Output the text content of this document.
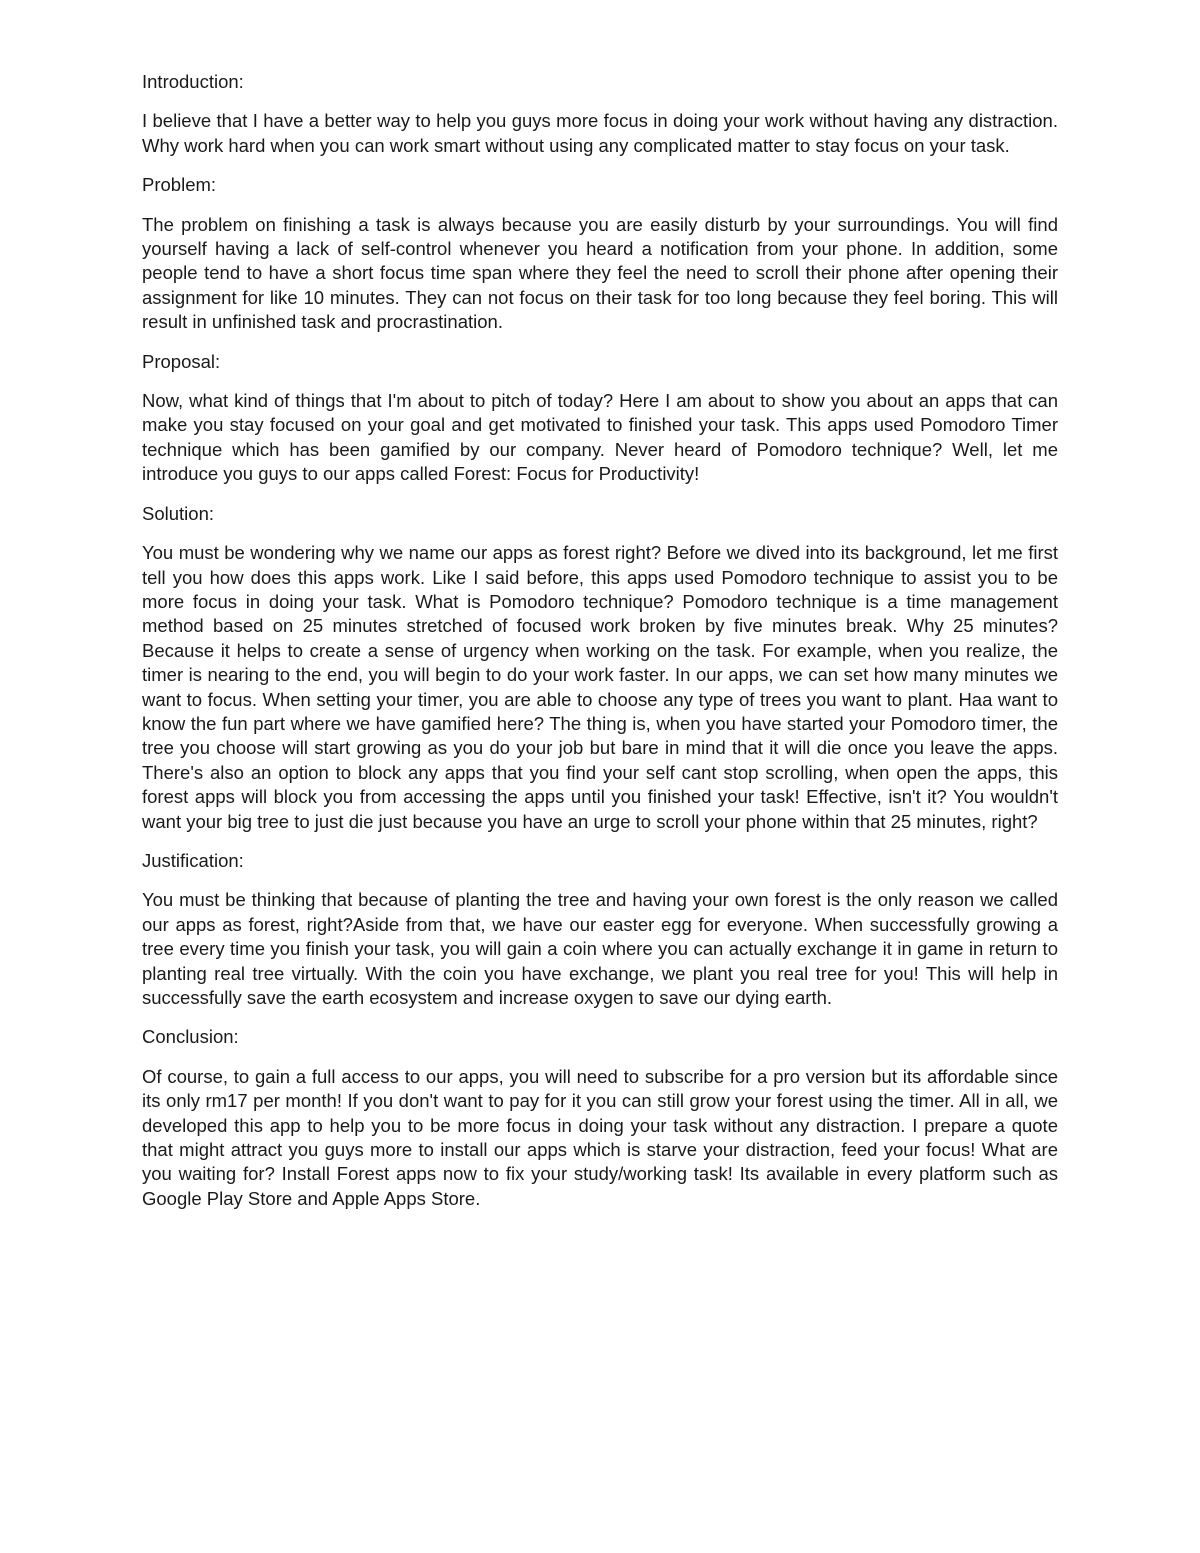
Introduction:

I believe that I have a better way to help you guys more focus in doing your work without having any distraction. Why work hard when you can work smart without using any complicated matter to stay focus on your task.

Problem:

The problem on finishing a task is always because you are easily disturb by your surroundings. You will find yourself having a lack of self-control whenever you heard a notification from your phone. In addition, some people tend to have a short focus time span where they feel the need to scroll their phone after opening their assignment for like 10 minutes. They can not focus on their task for too long because they feel boring. This will result in unfinished task and procrastination.

Proposal:

Now, what kind of things that I'm about to pitch of today? Here I am about to show you about an apps that can make you stay focused on your goal and get motivated to finished your task. This apps used Pomodoro Timer technique which has been gamified by our company. Never heard of Pomodoro technique? Well, let me introduce you guys to our apps called Forest: Focus for Productivity!

Solution:

You must be wondering why we name our apps as forest right? Before we dived into its background, let me first tell you how does this apps work. Like I said before, this apps used Pomodoro technique to assist you to be more focus in doing your task. What is Pomodoro technique? Pomodoro technique is a time management method based on 25 minutes stretched of focused work broken by five minutes break. Why 25 minutes? Because it helps to create a sense of urgency when working on the task. For example, when you realize, the timer is nearing to the end, you will begin to do your work faster. In our apps, we can set how many minutes we want to focus. When setting your timer, you are able to choose any type of trees you want to plant. Haa want to know the fun part where we have gamified here? The thing is, when you have started your Pomodoro timer, the tree you choose will start growing as you do your job but bare in mind that it will die once you leave the apps. There's also an option to block any apps that you find your self cant stop scrolling, when open the apps, this forest apps will block you from accessing the apps until you finished your task! Effective, isn't it? You wouldn't want your big tree to just die just because you have an urge to scroll your phone within that 25 minutes, right?

Justification:

You must be thinking that because of planting the tree and having your own forest is the only reason we called our apps as forest, right?Aside from that, we have our easter egg for everyone. When successfully growing a tree every time you finish your task, you will gain a coin where you can actually exchange it in game in return to planting real tree virtually. With the coin you have exchange, we plant you real tree for you! This will help in successfully save the earth ecosystem and increase oxygen to save our dying earth.

Conclusion:

Of course, to gain a full access to our apps, you will need to subscribe for a pro version but its affordable since its only rm17 per month! If you don't want to pay for it you can still grow your forest using the timer. All in all, we developed this app to help you to be more focus in doing your task without any distraction. I prepare a quote that might attract you guys more to install our apps which is starve your distraction, feed your focus! What are you waiting for? Install Forest apps now to fix your study/working task! Its available in every platform such as Google Play Store and Apple Apps Store.
